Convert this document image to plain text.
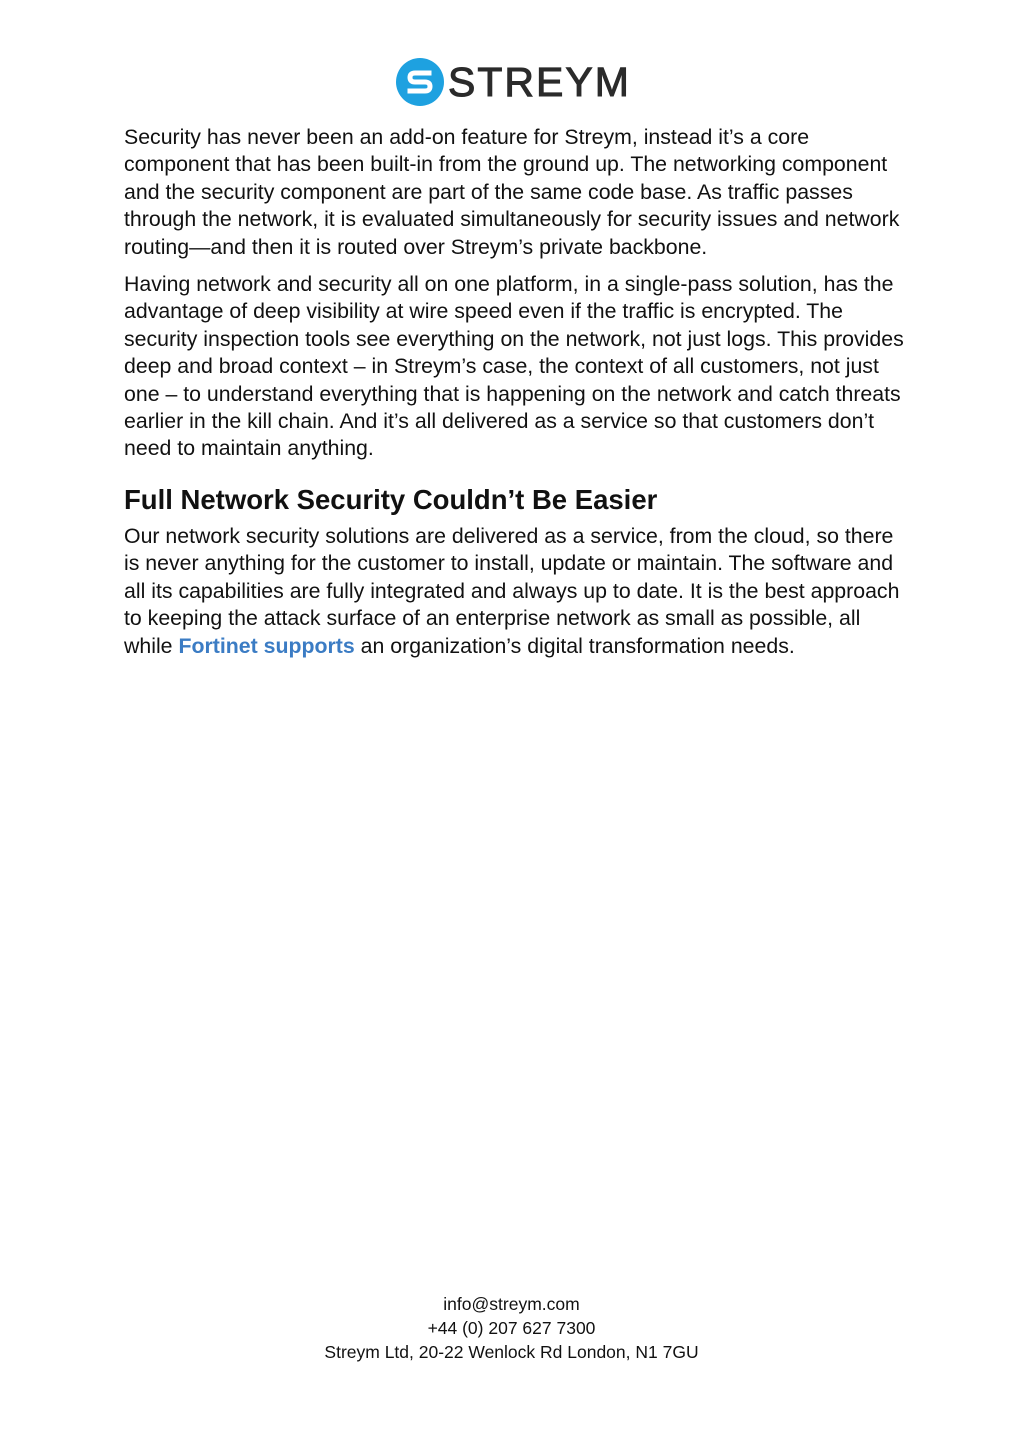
STREYM

Security has never been an add-on feature for Streym, instead it’s a core component that has been built-in from the ground up. The networking component and the security component are part of the same code base. As traffic passes through the network, it is evaluated simultaneously for security issues and network routing—and then it is routed over Streym’s private backbone.

Having network and security all on one platform, in a single-pass solution, has the advantage of deep visibility at wire speed even if the traffic is encrypted. The security inspection tools see everything on the network, not just logs. This provides deep and broad context – in Streym’s case, the context of all customers, not just one – to understand everything that is happening on the network and catch threats earlier in the kill chain. And it’s all delivered as a service so that customers don’t need to maintain anything.

Full Network Security Couldn’t Be Easier

Our network security solutions are delivered as a service, from the cloud, so there is never anything for the customer to install, update or maintain. The software and all its capabilities are fully integrated and always up to date. It is the best approach to keeping the attack surface of an enterprise network as small as possible, all while Fortinet supports an organization’s digital transformation needs.

info@streym.com
+44 (0) 207 627 7300
Streym Ltd, 20-22 Wenlock Rd London, N1 7GU
